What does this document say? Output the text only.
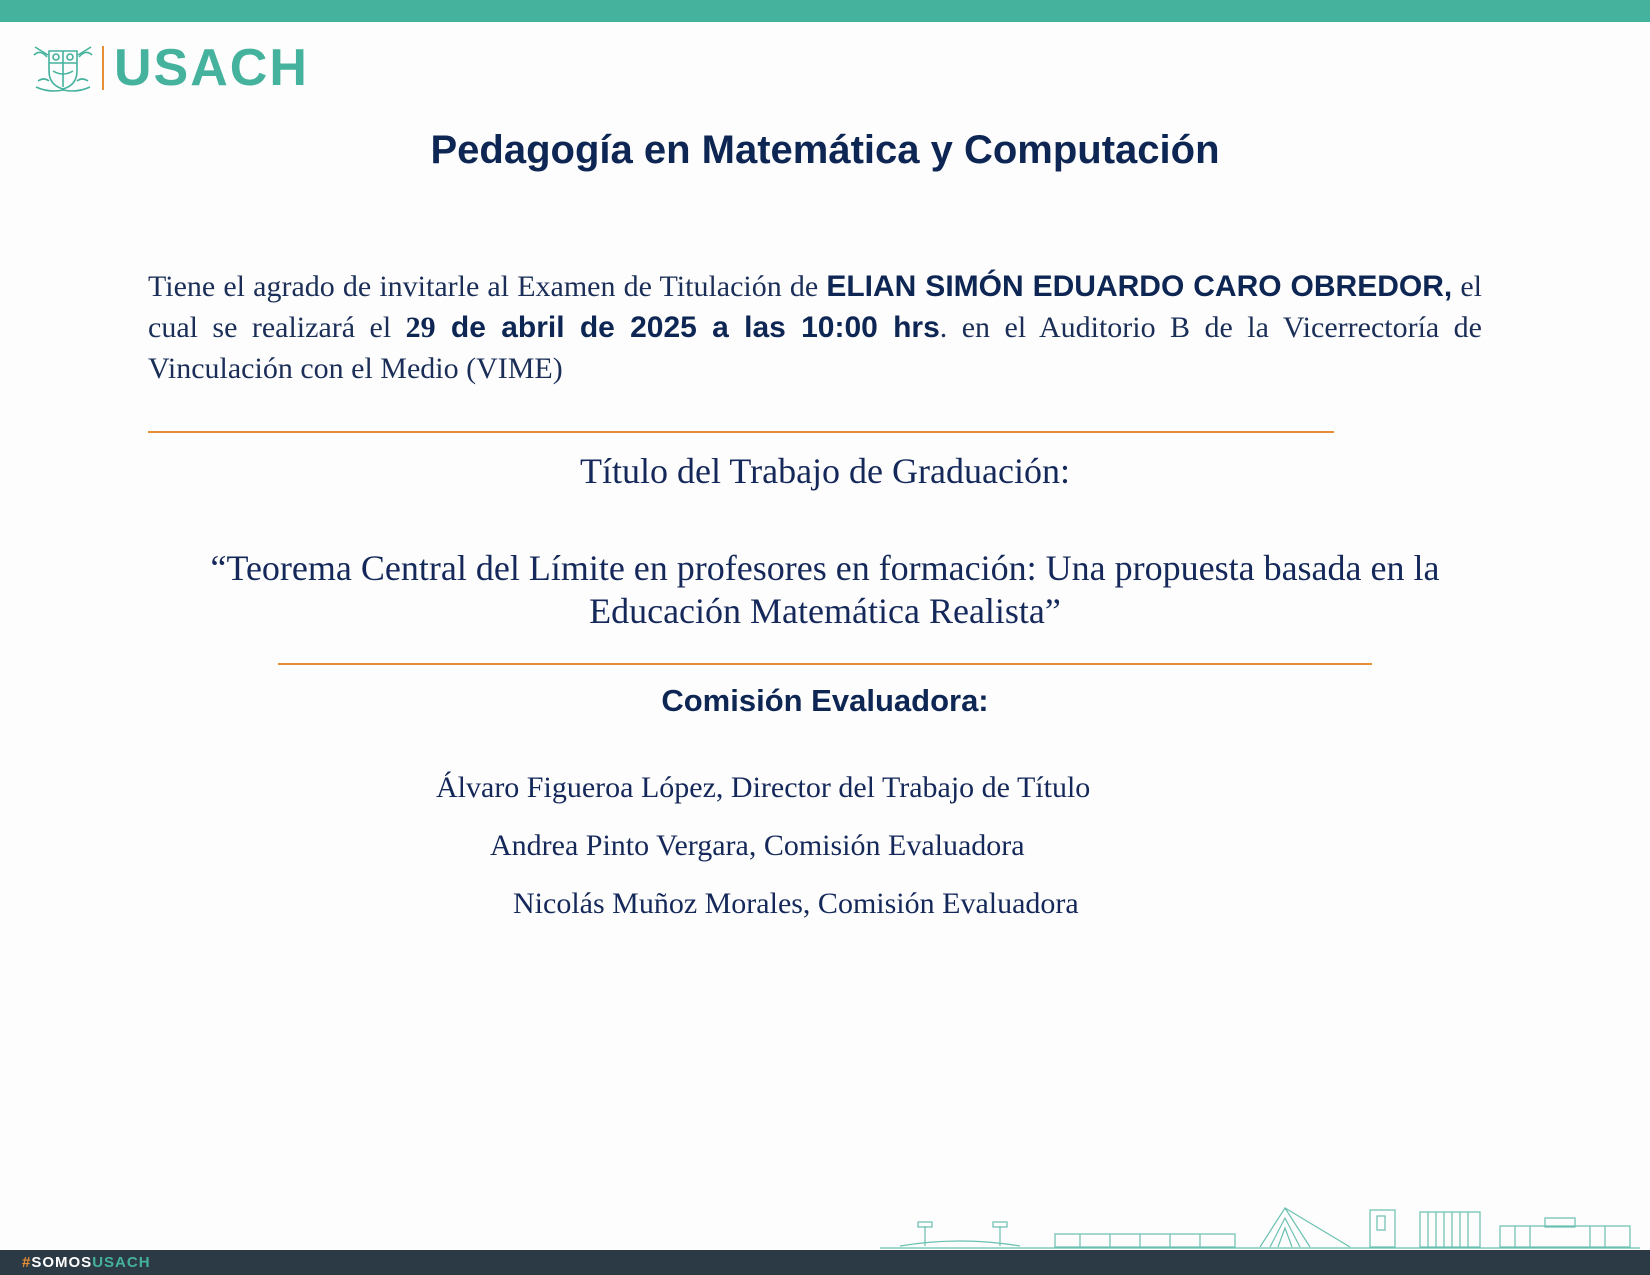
USACH
Pedagogía en Matemática y Computación

Tiene el agrado de invitarle al Examen de Titulación de ELIAN SIMÓN EDUARDO CARO OBREDOR, el cual se realizará el 29 de abril de 2025 a las 10:00 hrs. en el Auditorio B de la Vicerrectoría de Vinculación con el Medio (VIME)

Título del Trabajo de Graduación:

“Teorema Central del Límite en profesores en formación: Una propuesta basada en la Educación Matemática Realista”

Comisión Evaluadora:
Álvaro Figueroa López, Director del Trabajo de Título
Andrea Pinto Vergara, Comisión Evaluadora
Nicolás Muñoz Morales, Comisión Evaluadora
#SOMOSUSACH
